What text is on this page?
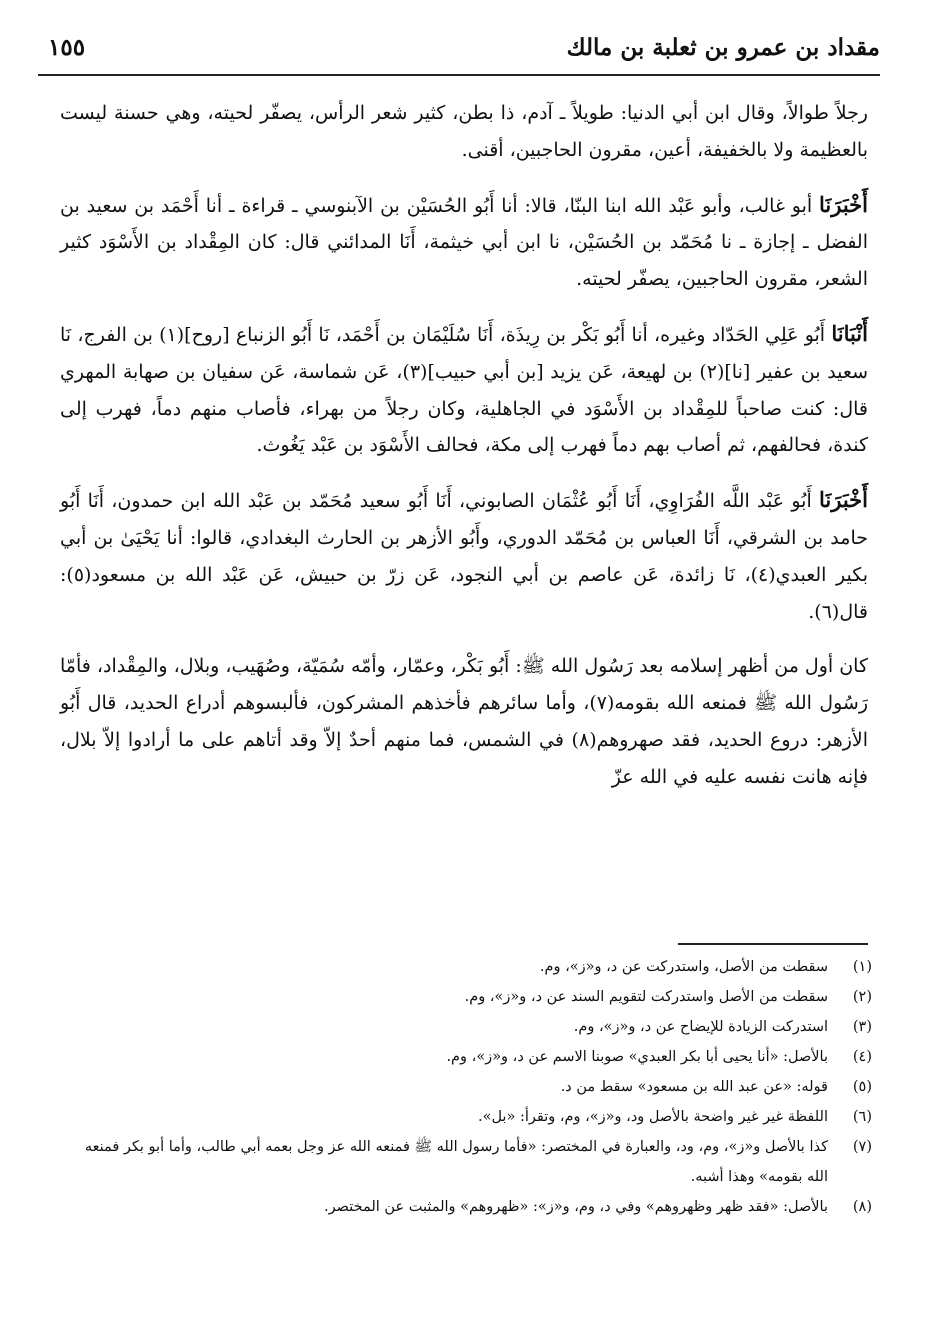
مقداد بن عمرو بن ثعلبة بن مالك
١٥٥

رجلاً طوالاً، وقال ابن أبي الدنيا: طويلاً ـ آدم، ذا بطن، كثير شعر الرأس، يصفّر لحيته، وهي حسنة ليست بالعظيمة ولا بالخفيفة، أعين، مقرون الحاجبين، أقنى.

أَخْبَرَنَا أبو غالب، وأبو عَبْد الله ابنا البنّا، قالا: أنا أَبُو الحُسَيْن بن الآبنوسي ـ قراءة ـ أنا أَحْمَد بن سعيد بن الفضل ـ إجازة ـ نا مُحَمّد بن الحُسَيْن، نا ابن أبي خيثمة، أَنَا المدائني قال: كان المِقْداد بن الأَسْوَد كثير الشعر، مقرون الحاجبين، يصفّر لحيته.

أَنْبَانَا أَبُو عَلِي الحَدّاد وغيره، أنا أَبُو بَكْر بن رِيذَة، أَنَا سُلَيْمَان بن أَحْمَد، نَا أَبُو الزنباع [روح](١) بن الفرج، نَا سعيد بن عفير [نا](٢) بن لهيعة، عَن يزيد [بن أبي حبيب](٣)، عَن شماسة، عَن سفيان بن صهابة المهري قال: كنت صاحباً للمِقْداد بن الأَسْوَد في الجاهلية، وكان رجلاً من بهراء، فأصاب منهم دماً، فهرب إلى كندة، فحالفهم، ثم أصاب بهم دماً فهرب إلى مكة، فحالف الأَسْوَد بن عَبْد يَغُوث.

أَخْبَرَنَا أَبُو عَبْد اللَّه الفُرَاوِي، أَنَا أَبُو عُثْمَان الصابوني، أَنَا أَبُو سعيد مُحَمّد بن عَبْد الله ابن حمدون، أَنَا أَبُو حامد بن الشرقي، أَنَا العباس بن مُحَمّد الدوري، وأَبُو الأزهر بن الحارث البغدادي، قالوا: أنا يَحْيَىٰ بن أبي بكير العبدي(٤)، نَا زائدة، عَن عاصم بن أبي النجود، عَن زرّ بن حبيش، عَن عَبْد الله بن مسعود(٥): قال(٦).

كان أول من أظهر إسلامه بعد رَسُول الله ﷺ: أَبُو بَكْر، وعمّار، وأمّه سُمَيّة، وصُهَيب، وبلال، والمِقْداد، فأمّا رَسُول الله ﷺ فمنعه الله بقومه(٧)، وأما سائرهم فأخذهم المشركون، فألبسوهم أدراع الحديد، قال أَبُو الأزهر: دروع الحديد، فقد صهروهم(٨) في الشمس، فما منهم أحدٌ إلاّ وقد أتاهم على ما أرادوا إلاّ بلال، فإنه هانت نفسه عليه في الله عزّ

(١)
سقطت من الأصل، واستدركت عن د، و«ز»، وم.
(٢)
سقطت من الأصل واستدركت لتقويم السند عن د، و«ز»، وم.
(٣)
استدركت الزيادة للإيضاح عن د، و«ز»، وم.
(٤)
بالأصل: «أنا يحيى أبا بكر العبدي» صوبنا الاسم عن د، و«ز»، وم.
(٥)
قوله: «عن عبد الله بن مسعود» سقط من د.
(٦)
اللفظة غير غير واضحة بالأصل ود، و«ز»، وم، وتقرأ: «بل».
(٧)
كذا بالأصل و«ز»، وم، ود، والعبارة في المختصر: «فأما رسول الله ﷺ فمنعه الله عز وجل بعمه أبي طالب، وأما أبو بكر فمنعه الله بقومه» وهذا أشبه.
(٨)
بالأصل: «فقد ظهر وظهروهم» وفي د، وم، و«ز»: «ظهروهم» والمثبت عن المختصر.
